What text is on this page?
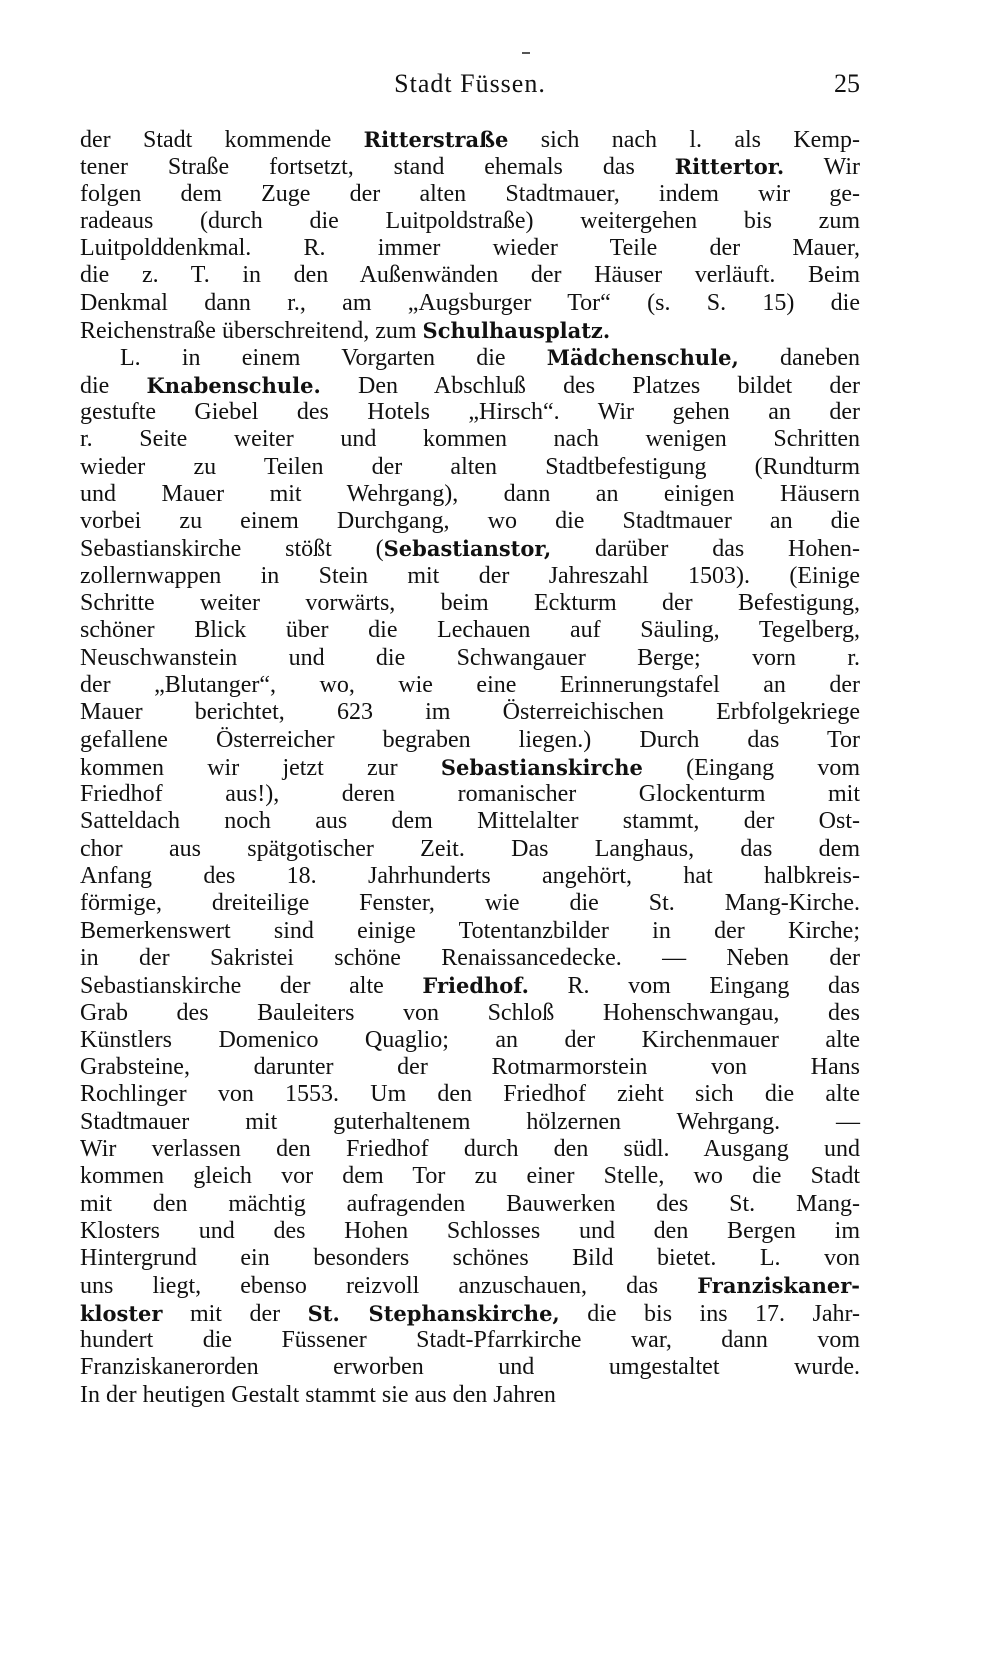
Stadt Füssen.	25
der Stadt kommende Ritterstraße sich nach l. als Kemp-
tener Straße fortsetzt, stand ehemals das Rittertor. Wir
folgen dem Zuge der alten Stadtmauer, indem wir ge-
radeaus (durch die Luitpoldstraße) weitergehen bis zum
Luitpolddenkmal. R. immer wieder Teile der Mauer,
die z. T. in den Außenwänden der Häuser verläuft. Beim
Denkmal dann r., am „Augsburger Tor“ (s. S. 15) die
Reichenstraße überschreitend, zum Schulhausplatz.
L. in einem Vorgarten die Mädchenschule, daneben
die Knabenschule. Den Abschluß des Platzes bildet der
gestufte Giebel des Hotels „Hirsch“. Wir gehen an der
r. Seite weiter und kommen nach wenigen Schritten
wieder zu Teilen der alten Stadtbefestigung (Rundturm
und Mauer mit Wehrgang), dann an einigen Häusern
vorbei zu einem Durchgang, wo die Stadtmauer an die
Sebastianskirche stößt (Sebastianstor, darüber das Hohen-
zollernwappen in Stein mit der Jahreszahl 1503). (Einige
Schritte weiter vorwärts, beim Eckturm der Befestigung,
schöner Blick über die Lechauen auf Säuling, Tegelberg,
Neuschwanstein und die Schwangauer Berge; vorn r.
der „Blutanger“, wo, wie eine Erinnerungstafel an der
Mauer berichtet, 623 im Österreichischen Erbfolgekriege
gefallene Österreicher begraben liegen.) Durch das Tor
kommen wir jetzt zur Sebastianskirche (Eingang vom
Friedhof aus!), deren romanischer Glockenturm mit
Satteldach noch aus dem Mittelalter stammt, der Ost-
chor aus spätgotischer Zeit. Das Langhaus, das dem
Anfang des 18. Jahrhunderts angehört, hat halbkreis-
förmige, dreiteilige Fenster, wie die St. Mang-Kirche.
Bemerkenswert sind einige Totentanzbilder in der Kirche;
in der Sakristei schöne Renaissancedecke. — Neben der
Sebastianskirche der alte Friedhof. R. vom Eingang das
Grab des Bauleiters von Schloß Hohenschwangau, des
Künstlers Domenico Quaglio; an der Kirchenmauer alte
Grabsteine, darunter der Rotmarmorstein von Hans
Rochlinger von 1553. Um den Friedhof zieht sich die alte
Stadtmauer mit guterhaltenem hölzernen Wehrgang. —
Wir verlassen den Friedhof durch den südl. Ausgang und
kommen gleich vor dem Tor zu einer Stelle, wo die Stadt
mit den mächtig aufragenden Bauwerken des St. Mang-
Klosters und des Hohen Schlosses und den Bergen im
Hintergrund ein besonders schönes Bild bietet. L. von
uns liegt, ebenso reizvoll anzuschauen, das Franziskaner-
kloster mit der St. Stephanskirche, die bis ins 17. Jahr-
hundert die Füssener Stadt-Pfarrkirche war, dann vom
Franziskanerorden erworben und umgestaltet wurde.
In der heutigen Gestalt stammt sie aus den Jahren
